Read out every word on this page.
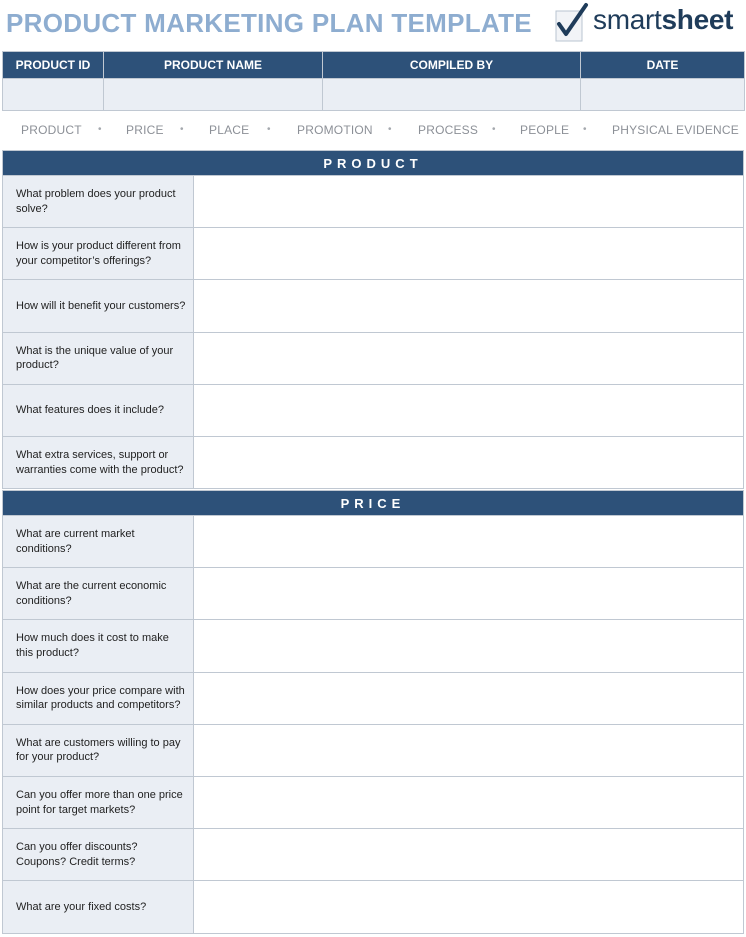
PRODUCT MARKETING PLAN TEMPLATE smartsheet
PRODUCT ID	PRODUCT NAME	COMPILED BY	DATE

PRODUCT • PRICE • PLACE • PROMOTION • PROCESS • PEOPLE • PHYSICAL EVIDENCE
PRODUCT
What problem does your product solve?
How is your product different from your competitor’s offerings?
How will it benefit your customers?
What is the unique value of your product?
What features does it include?
What extra services, support or warranties come with the product?
PRICE
What are current market conditions?
What are the current economic conditions?
How much does it cost to make this product?
How does your price compare with similar products and competitors?
What are customers willing to pay for your product?
Can you offer more than one price point for target markets?
Can you offer discounts? Coupons? Credit terms?
What are your fixed costs?
